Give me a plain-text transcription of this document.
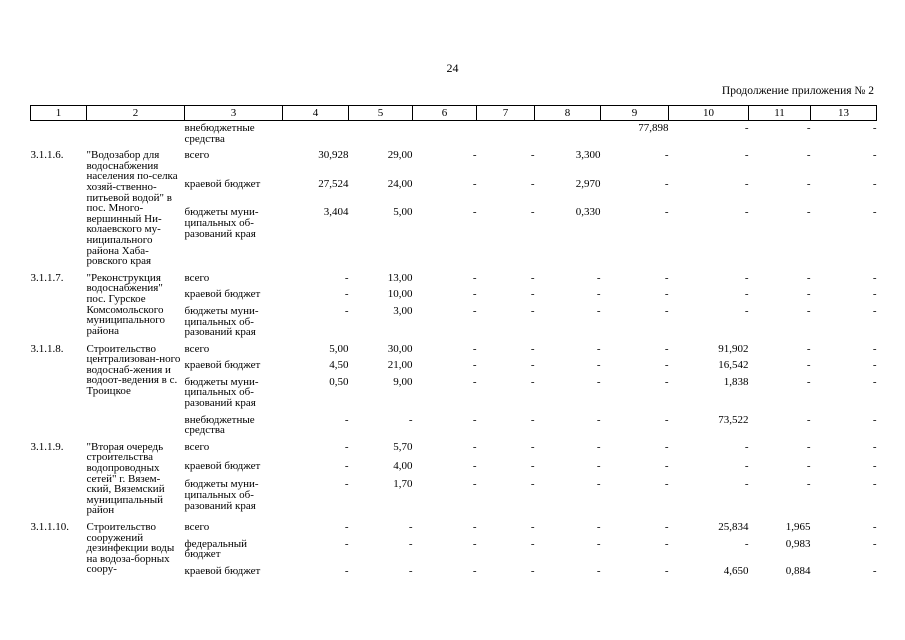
24
Продолжение приложения № 2
1	2	3	4	5	6	7	8	9	10	11	13
		внебюджетные средства						77,898	-	-	-
3.1.1.6.	"Водозабор для водоснабжения населения по-селка хозяй-ственно-питьевой водой" в пос. Много-вершинный Ни-колаевского му-ниципального района Хаба-ровского края	всего	30,928	29,00	-	-	3,300	-	-	-	-
		краевой бюджет	27,524	24,00	-	-	2,970	-	-	-	-
		бюджеты муни-ципальных об-разований края	3,404	5,00	-	-	0,330	-	-	-	-
3.1.1.7.	"Реконструкция водоснабжения" пос. Гурское Комсомольского муниципального района	всего	-	13,00	-	-	-	-	-	-	-
		краевой бюджет	-	10,00	-	-	-	-	-	-	-
		бюджеты муни-ципальных об-разований края	-	3,00	-	-	-	-	-	-	-
3.1.1.8.	Строительство централизован-ного водоснаб-жения и водоот-ведения в с. Троицкое	всего	5,00	30,00	-	-	-	-	91,902	-	-
		краевой бюджет	4,50	21,00	-	-	-	-	16,542	-	-
		бюджеты муни-ципальных об-разований края	0,50	9,00	-	-	-	-	1,838	-	-
		внебюджетные средства	-	-	-	-	-	-	73,522	-	-
3.1.1.9.	"Вторая очередь строительства водопроводных сетей" г. Вязем-ский, Вяземский муниципальный район	всего	-	5,70	-	-	-	-	-	-	-
		краевой бюджет	-	4,00	-	-	-	-	-	-	-
		бюджеты муни-ципальных об-разований края	-	1,70	-	-	-	-	-	-	-
3.1.1.10.	Строительство сооружений дезинфекции воды на водоза-борных соору-	всего	-	-	-	-	-	-	25,834	1,965	-
		федеральный бюджет	-	-	-	-	-	-	-	0,983	-
		краевой бюджет	-	-	-	-	-	-	4,650	0,884	-
